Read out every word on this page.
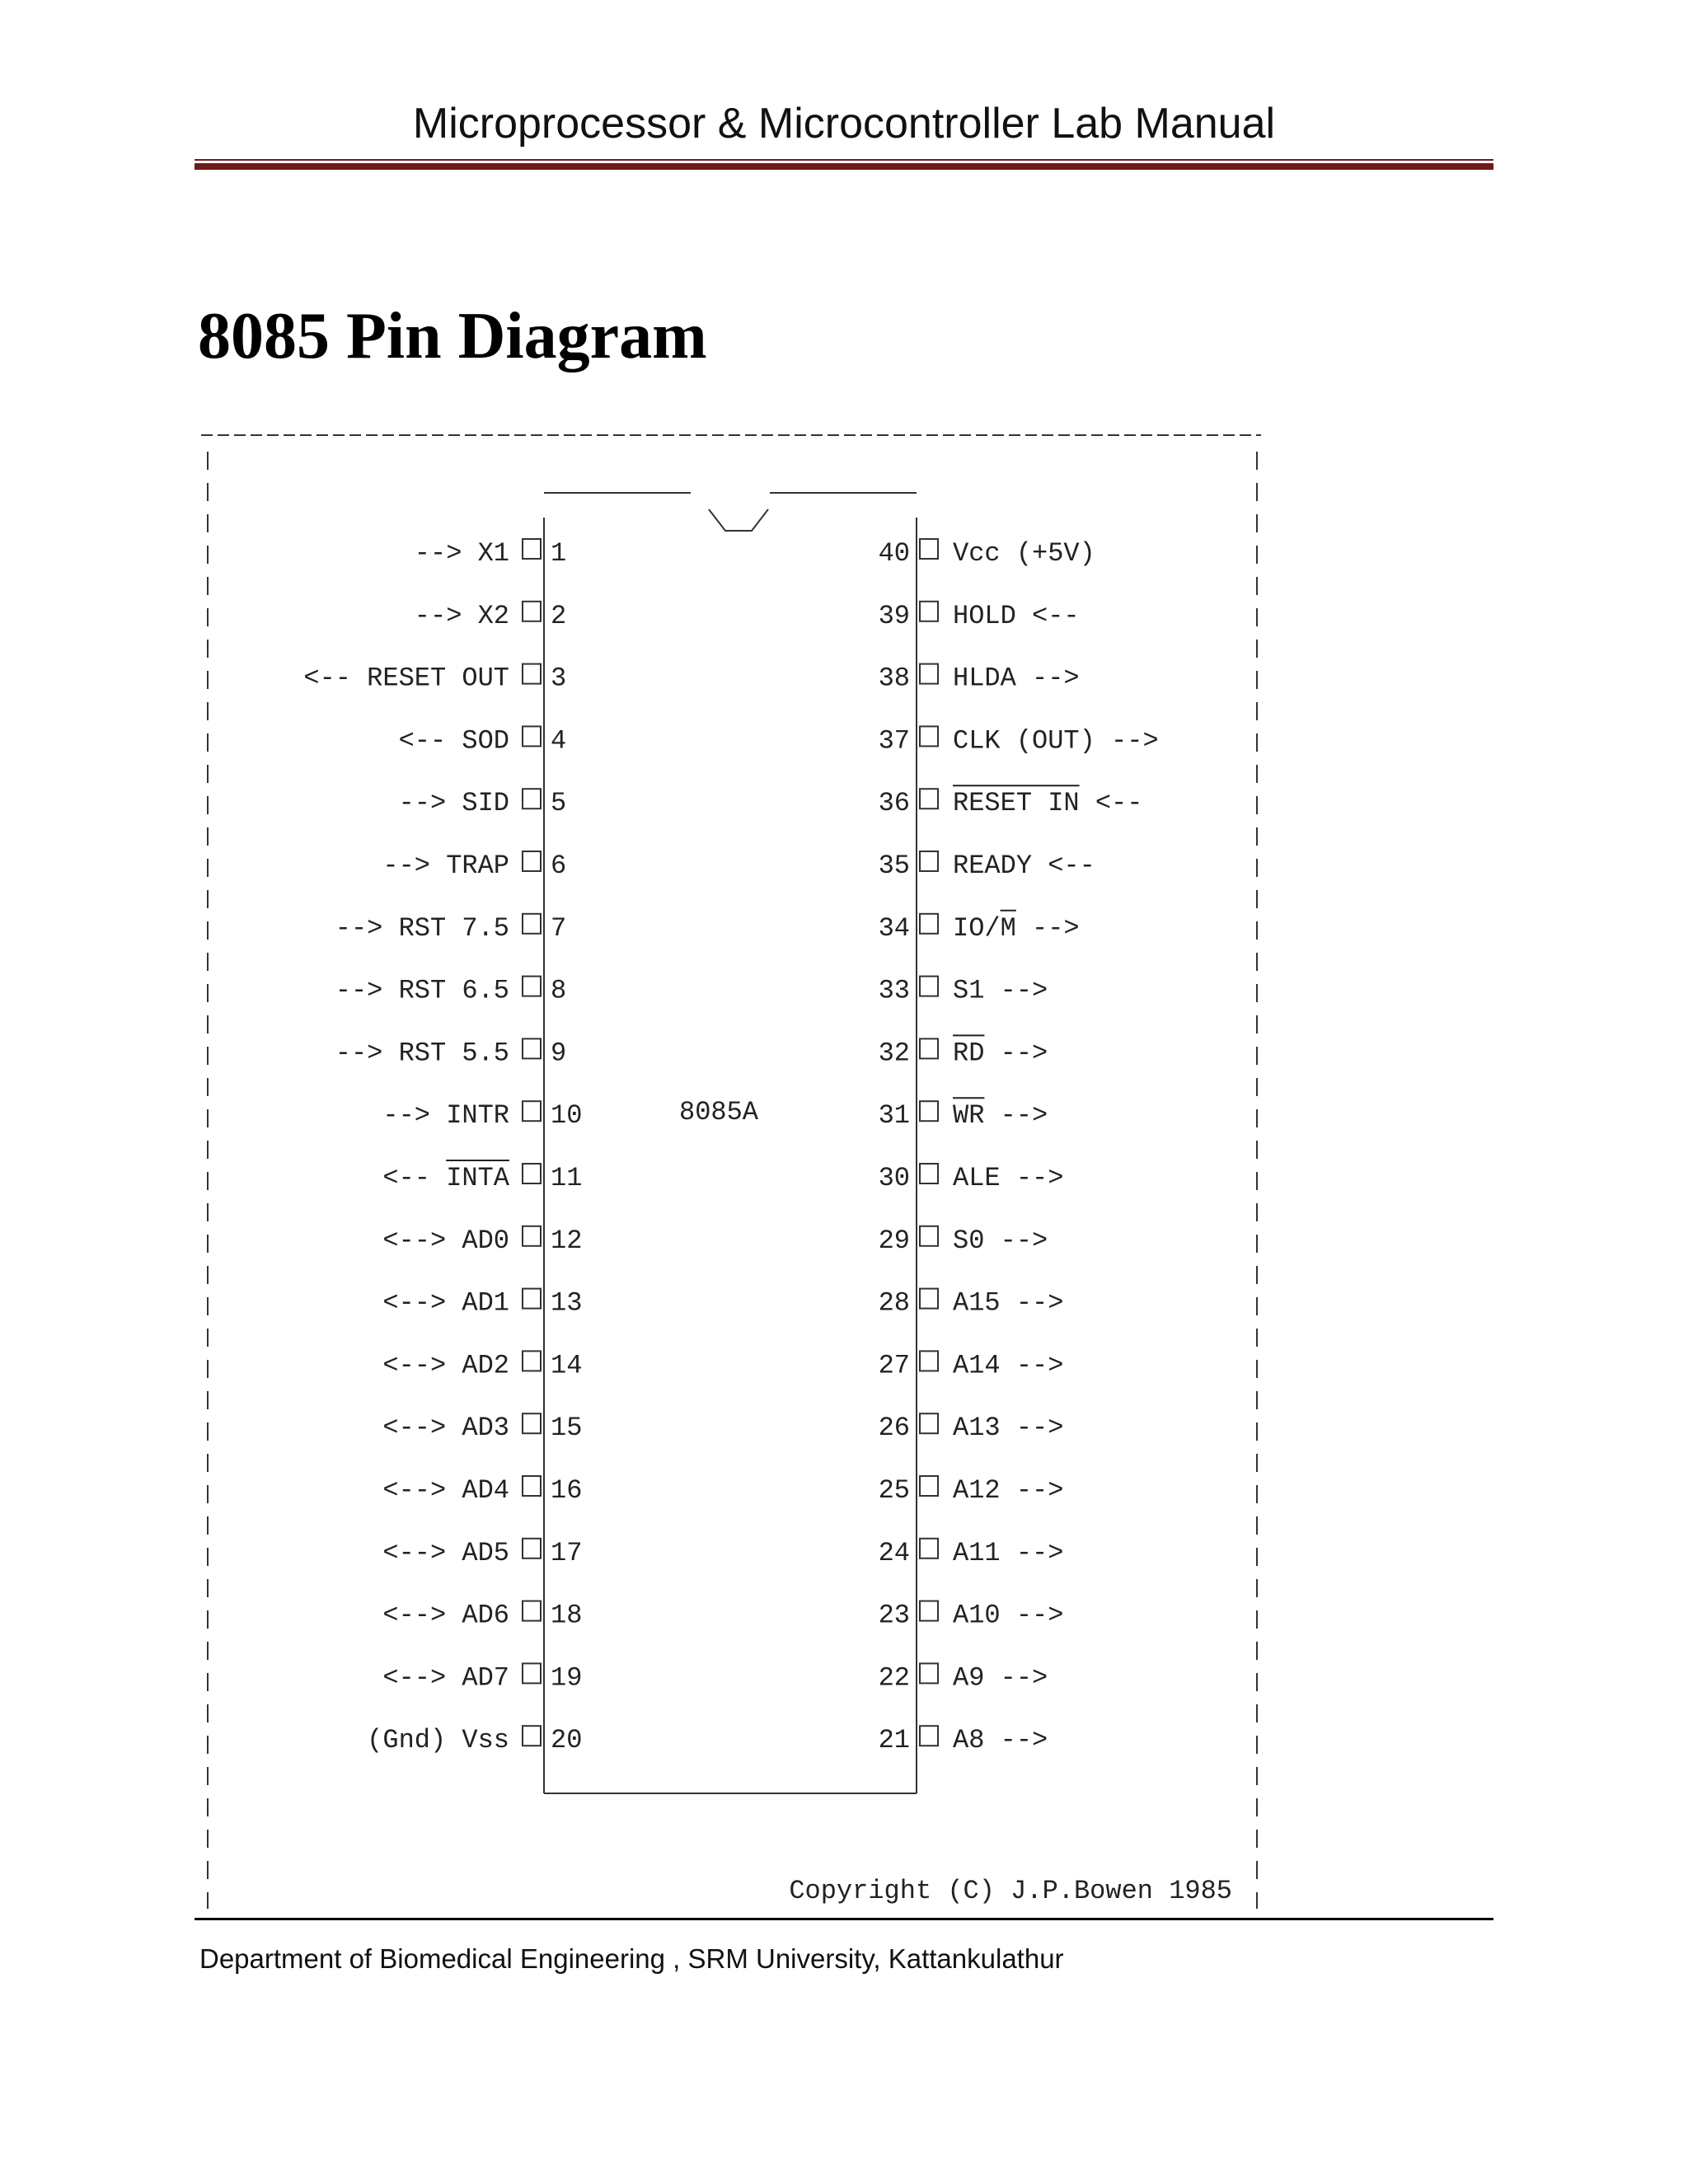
Microprocessor & Microcontroller Lab Manual
8085 Pin Diagram
--> X1 1
--> X2 2
<-- RESET OUT 3
<-- SOD 4
--> SID 5
--> TRAP 6
--> RST 7.5 7
--> RST 6.5 8
--> RST 5.5 9
--> INTR 10
<-- INTA 11
<--> AD0 12
<--> AD1 13
<--> AD2 14
<--> AD3 15
<--> AD4 16
<--> AD5 17
<--> AD6 18
<--> AD7 19
(Gnd) Vss 20
40 Vcc (+5V)
39 HOLD <--
38 HLDA -->
37 CLK (OUT) -->
36 RESET IN <--
35 READY <--
34 IO/M -->
33 S1 -->
32 RD -->
31 WR -->
30 ALE -->
29 S0 -->
28 A15 -->
27 A14 -->
26 A13 -->
25 A12 -->
24 A11 -->
23 A10 -->
22 A9 -->
21 A8 -->
8085A
Copyright (C) J.P.Bowen 1985
Department of Biomedical Engineering , SRM University, Kattankulathur
